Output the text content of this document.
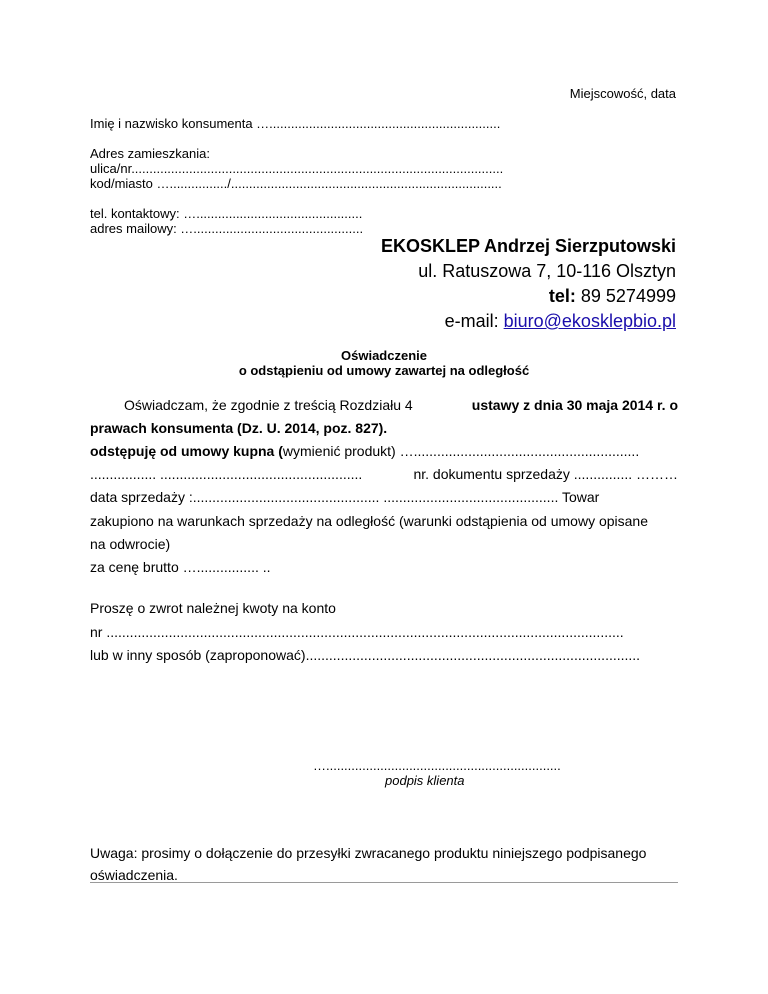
Miejscowość, data
Imię i nazwisko konsumenta …................................................................
Adres zamieszkania:
ulica/nr.......................................................................................................
kod/miasto …................/...........................................................................
tel. kontaktowy: …..............................................
adres mailowy: …...............................................
EKOSKLEP Andrzej Sierzputowski
ul. Ratuszowa 7, 10-116 Olsztyn
tel: 89 5274999
e-mail: biuro@ekosklepbio.pl
Oświadczenie
o odstąpieniu od umowy zawartej na odległość
Oświadczam, że zgodnie z treścią Rozdziału 4	ustawy z dnia 30 maja 2014 r. o
prawach konsumenta (Dz. U. 2014, poz. 827).
odstępuję od umowy kupna (wymienić produkt) …..........................................................
................. ....................................................	nr. dokumentu sprzedaży ............... ………
data sprzedaży :................................................ ............................................. Towar
zakupiono na warunkach sprzedaży na odległość (warunki odstąpienia od umowy opisane
na odwrocie)
za cenę brutto …................ ..
Proszę o zwrot należnej kwoty na konto
nr .....................................................................................................................................
lub w inny sposób (zaproponować)......................................................................................
….................................................................
podpis klienta
Uwaga: prosimy o dołączenie do przesyłki zwracanego produktu niniejszego podpisanego
oświadczenia.
